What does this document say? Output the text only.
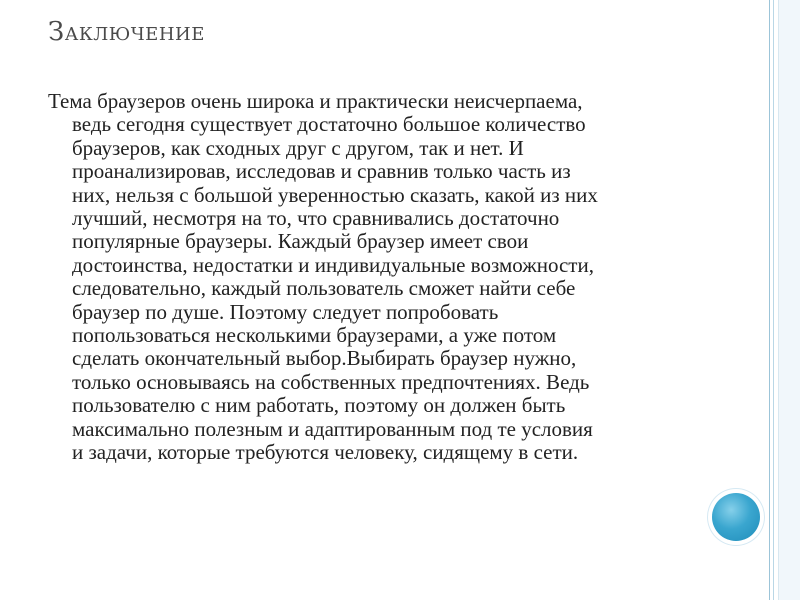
Заключение
Тема браузеров очень широка и практически неисчерпаема,
ведь сегодня существует достаточно большое количество
браузеров, как сходных друг с другом, так и нет. И
проанализировав, исследовав и сравнив только часть из
них, нельзя с большой уверенностью сказать, какой из них
лучший, несмотря на то, что сравнивались достаточно
популярные браузеры. Каждый браузер имеет свои
достоинства, недостатки и индивидуальные возможности,
следовательно, каждый пользователь сможет найти себе
браузер по душе. Поэтому следует попробовать
попользоваться несколькими браузерами, а уже потом
сделать окончательный выбор.Выбирать браузер нужно,
только основываясь на собственных предпочтениях. Ведь
пользователю с ним работать, поэтому он должен быть
максимально полезным и адаптированным под те условия
и задачи, которые требуются человеку, сидящему в сети.
